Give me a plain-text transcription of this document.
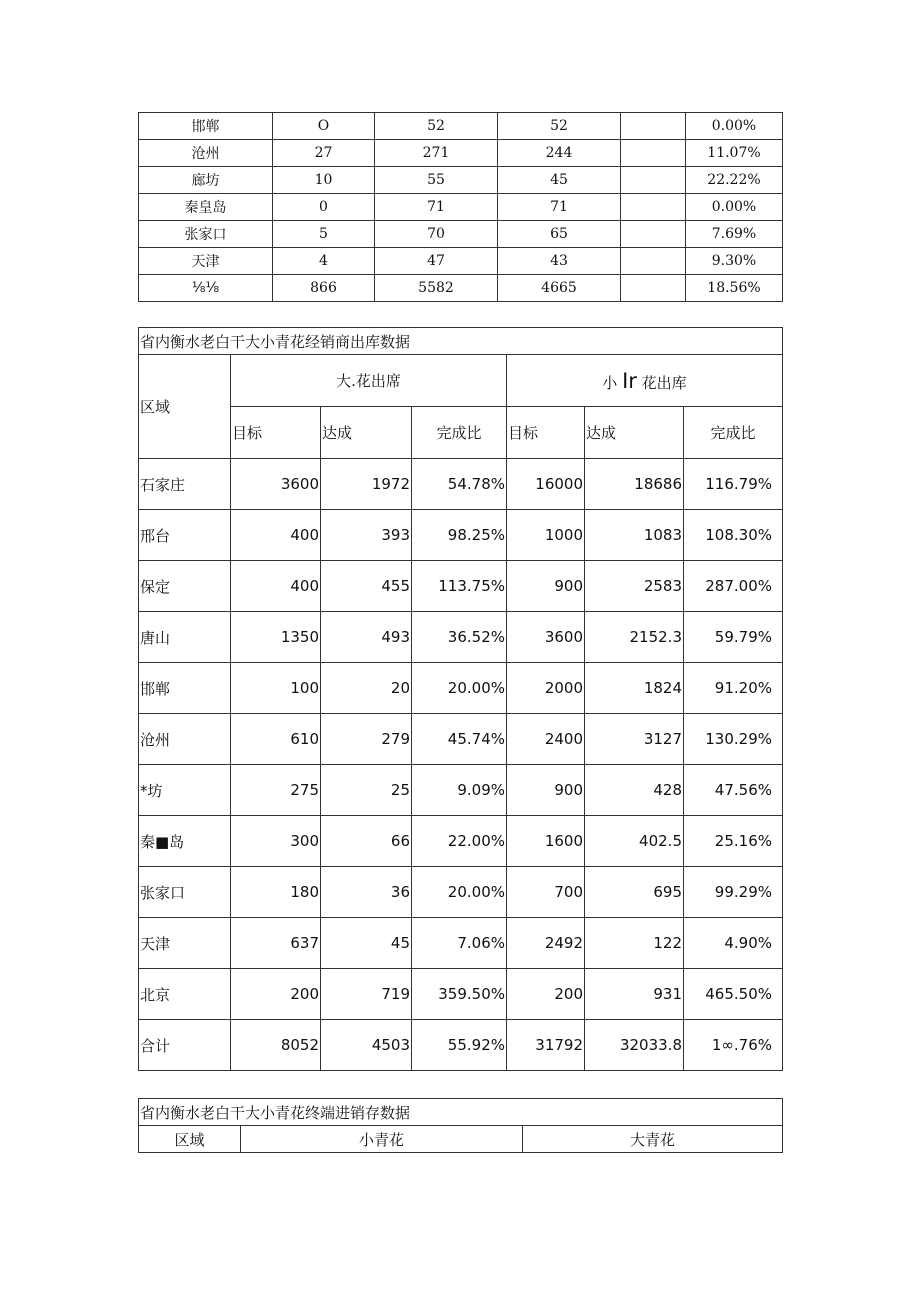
邯郸	O	52	52		0.00%
沧州	27	271	244		11.07%
廊坊	10	55	45		22.22%
秦皇岛	0	71	71		0.00%
张家口	5	70	65		7.69%
天津	4	47	43		9.30%
⅛⅛	866	5582	4665		18.56%
省内衡水老白干大小青花经销商出库数据						
区域	大.花出席			小 Ir 花出库		
	目标	达成	完成比	目标	达成	完成比
石家庄	3600	1972	54.78%	16000	18686	116.79%
邢台	400	393	98.25%	1000	1083	108.30%
保定	400	455	113.75%	900	2583	287.00%
唐山	1350	493	36.52%	3600	2152.3	59.79%
邯郸	100	20	20.00%	2000	1824	91.20%
沧州	610	279	45.74%	2400	3127	130.29%
*坊	275	25	9.09%	900	428	47.56%
秦■岛	300	66	22.00%	1600	402.5	25.16%
张家口	180	36	20.00%	700	695	99.29%
天津	637	45	7.06%	2492	122	4.90%
北京	200	719	359.50%	200	931	465.50%
合计	8052	4503	55.92%	31792	32033.8	1∞.76%
省内衡水老白干大小青花终端进销存数据
区域	小青花	大青花
